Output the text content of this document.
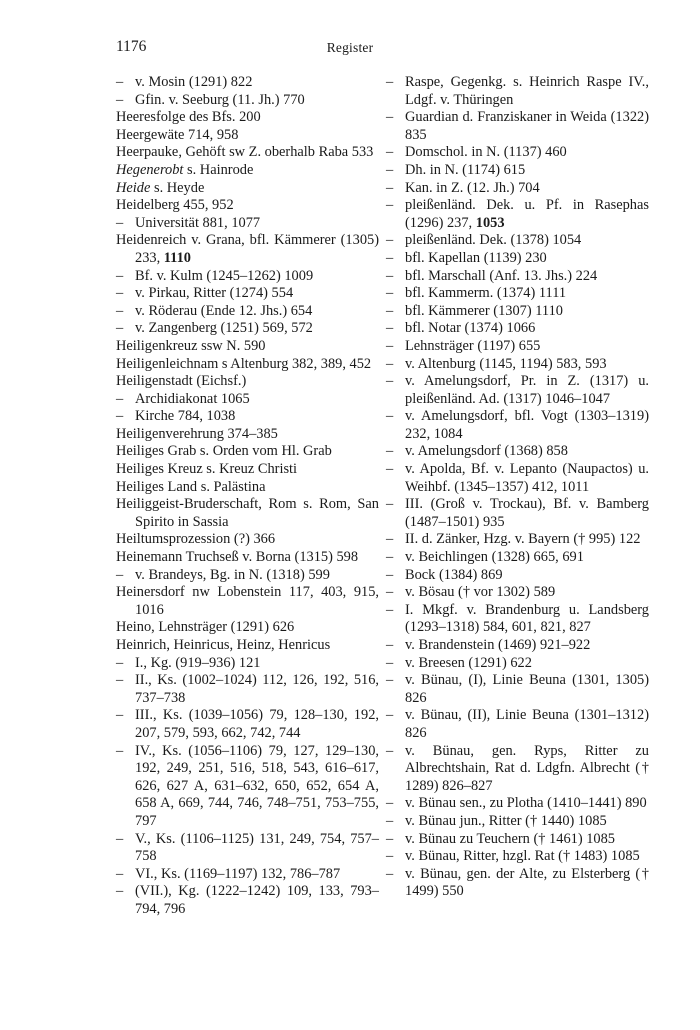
1176	Register
– v. Mosin (1291) 822
– Gfin. v. Seeburg (11. Jh.) 770
Heeresfolge des Bfs. 200
Heergewäte 714, 958
Heerpauke, Gehöft sw Z. oberhalb Raba 533
Hegenerobt s. Hainrode
Heide s. Heyde
Heidelberg 455, 952
– Universität 881, 1077
Heidenreich v. Grana, bfl. Kämmerer (1305) 233, 1110
– Bf. v. Kulm (1245–1262) 1009
– v. Pirkau, Ritter (1274) 554
– v. Röderau (Ende 12. Jhs.) 654
– v. Zangenberg (1251) 569, 572
Heiligenkreuz ssw N. 590
Heiligenleichnam s Altenburg 382, 389, 452
Heiligenstadt (Eichsf.)
– Archidiakonat 1065
– Kirche 784, 1038
Heiligenverehrung 374–385
Heiliges Grab s. Orden vom Hl. Grab
Heiliges Kreuz s. Kreuz Christi
Heiliges Land s. Palästina
Heiliggeist-Bruderschaft, Rom s. Rom, San Spirito in Sassia
Heiltumsprozession (?) 366
Heinemann Truchseß v. Borna (1315) 598
– v. Brandeys, Bg. in N. (1318) 599
Heinersdorf nw Lobenstein 117, 403, 915, 1016
Heino, Lehnsträger (1291) 626
Heinrich, Heinricus, Heinz, Henricus
– I., Kg. (919–936) 121
– II., Ks. (1002–1024) 112, 126, 192, 516, 737–738
– III., Ks. (1039–1056) 79, 128–130, 192, 207, 579, 593, 662, 742, 744
– IV., Ks. (1056–1106) 79, 127, 129–130, 192, 249, 251, 516, 518, 543, 616–617, 626, 627 A, 631–632, 650, 652, 654 A, 658 A, 669, 744, 746, 748–751, 753–755, 797
– V., Ks. (1106–1125) 131, 249, 754, 757–758
– VI., Ks. (1169–1197) 132, 786–787
– (VII.), Kg. (1222–1242) 109, 133, 793–794, 796
– Raspe, Gegenkg. s. Heinrich Raspe IV., Ldgf. v. Thüringen
– Guardian d. Franziskaner in Weida (1322) 835
– Domschol. in N. (1137) 460
– Dh. in N. (1174) 615
– Kan. in Z. (12. Jh.) 704
– pleißenländ. Dek. u. Pf. in Rasephas (1296) 237, 1053
– pleißenländ. Dek. (1378) 1054
– bfl. Kapellan (1139) 230
– bfl. Marschall (Anf. 13. Jhs.) 224
– bfl. Kammerm. (1374) 1111
– bfl. Kämmerer (1307) 1110
– bfl. Notar (1374) 1066
– Lehnsträger (1197) 655
– v. Altenburg (1145, 1194) 583, 593
– v. Amelungsdorf, Pr. in Z. (1317) u. pleißenländ. Ad. (1317) 1046–1047
– v. Amelungsdorf, bfl. Vogt (1303–1319) 232, 1084
– v. Amelungsdorf (1368) 858
– v. Apolda, Bf. v. Lepanto (Naupactos) u. Weihbf. (1345–1357) 412, 1011
– III. (Groß v. Trockau), Bf. v. Bamberg (1487–1501) 935
– II. d. Zänker, Hzg. v. Bayern († 995) 122
– v. Beichlingen (1328) 665, 691
– Bock (1384) 869
– v. Bösau († vor 1302) 589
– I. Mkgf. v. Brandenburg u. Landsberg (1293–1318) 584, 601, 821, 827
– v. Brandenstein (1469) 921–922
– v. Breesen (1291) 622
– v. Bünau, (I), Linie Beuna (1301, 1305) 826
– v. Bünau, (II), Linie Beuna (1301–1312) 826
– v. Bünau, gen. Ryps, Ritter zu Albrechtshain, Rat d. Ldgfn. Albrecht († 1289) 826–827
– v. Bünau sen., zu Plotha (1410–1441) 890
– v. Bünau jun., Ritter († 1440) 1085
– v. Bünau zu Teuchern († 1461) 1085
– v. Bünau, Ritter, hzgl. Rat († 1483) 1085
– v. Bünau, gen. der Alte, zu Elsterberg († 1499) 550
